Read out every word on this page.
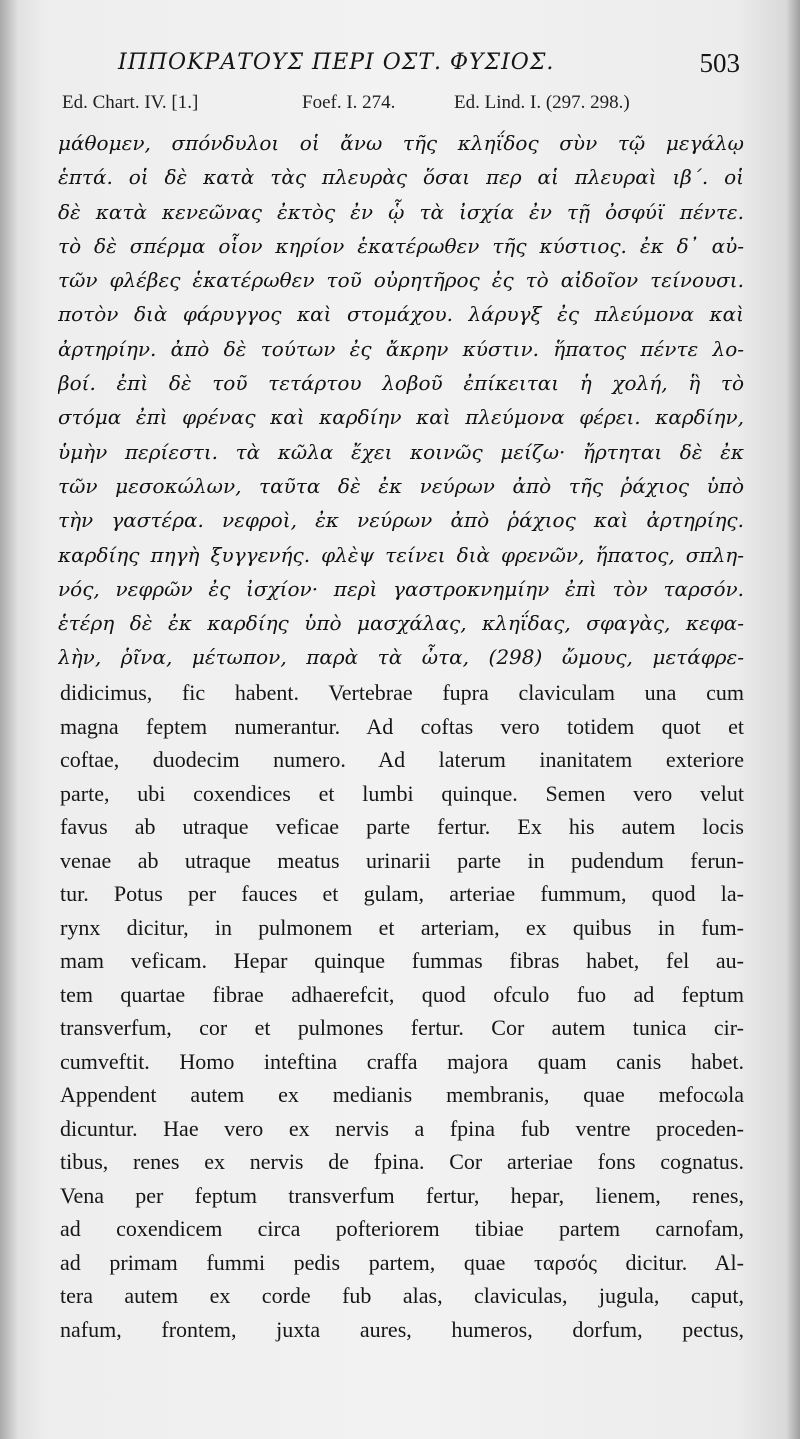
ΙΠΠΟΚΡΑΤΟΥΣ ΠΕΡΙ ΟΣΤ. ΦΥΣΙΟΣ.	503
Ed. Chart. IV. [1.]	Foef. I. 274.	Ed. Lind. I. (297. 298.)
μάθομεν, σπόνδυλοι οἱ ἄνω τῆς κληΐδος σὺν τῷ μεγάλῳ
ἑπτά. οἱ δὲ κατὰ τὰς πλευρὰς ὅσαι περ αἱ πλευραὶ ιβ΄. οἱ
δὲ κατὰ κενεῶνας ἐκτὸς ἐν ᾧ τὰ ἰσχία ἐν τῇ ὀσφύϊ πέντε.
τὸ δὲ σπέρμα οἷον κηρίον ἑκατέρωθεν τῆς κύστιος. ἐκ δ᾽ αὐ-
τῶν φλέβες ἑκατέρωθεν τοῦ οὐρητῆρος ἐς τὸ αἰδοῖον τείνουσι.
ποτὸν διὰ φάρυγγος καὶ στομάχου. λάρυγξ ἐς πλεύμονα καὶ
ἀρτηρίην. ἀπὸ δὲ τούτων ἐς ἄκρην κύστιν. ἥπατος πέντε λο-
βοί. ἐπὶ δὲ τοῦ τετάρτου λοβοῦ ἐπίκειται ἡ χολή, ἣ τὸ
στόμα ἐπὶ φρένας καὶ καρδίην καὶ πλεύμονα φέρει. καρδίην,
ὑμὴν περίεστι. τὰ κῶλα ἔχει κοινῶς μείζω· ἤρτηται δὲ ἐκ
τῶν μεσοκώλων, ταῦτα δὲ ἐκ νεύρων ἀπὸ τῆς ῥάχιος ὑπὸ
τὴν γαστέρα. νεφροὶ, ἐκ νεύρων ἀπὸ ῥάχιος καὶ ἀρτηρίης.
καρδίης πηγὴ ξυγγενής. φλὲψ τείνει διὰ φρενῶν, ἥπατος, σπλη-
νός, νεφρῶν ἐς ἰσχίον· περὶ γαστροκνημίην ἐπὶ τὸν ταρσόν.
ἑτέρη δὲ ἐκ καρδίης ὑπὸ μασχάλας, κληΐδας, σφαγὰς, κεφα-
λὴν, ῥῖνα, μέτωπον, παρὰ τὰ ὦτα, (298) ὤμους, μετάφρε-
didicimus, fic habent. Vertebrae fupra claviculam una cum
magna feptem numerantur. Ad coftas vero totidem quot et
coftae, duodecim numero. Ad laterum inanitatem exteriore
parte, ubi coxendices et lumbi quinque. Semen vero velut
favus ab utraque veficae parte fertur. Ex his autem locis
venae ab utraque meatus urinarii parte in pudendum ferun-
tur. Potus per fauces et gulam, arteriae fummum, quod la-
rynx dicitur, in pulmonem et arteriam, ex quibus in fum-
mam veficam. Hepar quinque fummas fibras habet, fel au-
tem quartae fibrae adhaerefcit, quod ofculo fuo ad feptum
transverfum, cor et pulmones fertur. Cor autem tunica cir-
cumveftit. Homo inteftina craffa majora quam canis habet.
Appendent autem ex medianis membranis, quae mefocωla
dicuntur. Hae vero ex nervis a fpina fub ventre proceden-
tibus, renes ex nervis de fpina. Cor arteriae fons cognatus.
Vena per feptum transverfum fertur, hepar, lienem, renes,
ad coxendicem circa pofteriorem tibiae partem carnofam,
ad primam fummi pedis partem, quae ταρσός dicitur. Al-
tera autem ex corde fub alas, claviculas, jugula, caput,
nafum, frontem, juxta aures, humeros, dorfum, pectus,
